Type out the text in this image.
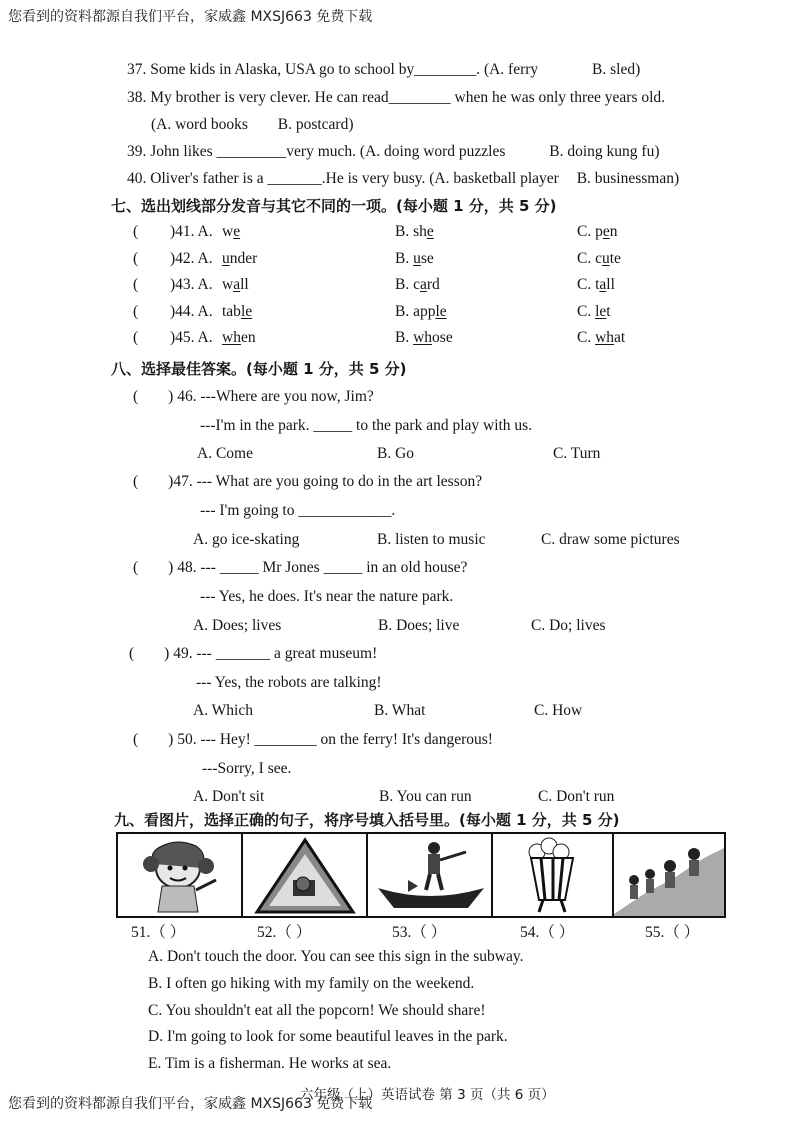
您看到的资料都源自我们平台，家威鑫 MXSJ663 免费下载
37. Some kids in Alaska, USA go to school by________. (A. ferry	B. sled)
38. My brother is very clever. He can read________ when he was only three years old.
(A. word books B. postcard)
39. John likes _________very much. (A. doing word puzzles	B. doing kung fu)
40. Oliver's father is a _______.He is very busy. (A. basketball player B. businessman)
七、选出划线部分发音与其它不同的一项。(每小题 1 分，共 5 分)
( )41. A. we	B. she	C. pen
( )42. A. under	B. use	C. cute
( )43. A. wall	B. card	C. tall
( )44. A. table	B. apple	C. let
( )45. A. when	B. whose	C. what
八、选择最佳答案。(每小题 1 分，共 5 分)
( ) 46. ---Where are you now, Jim?
---I'm in the park. _____ to the park and play with us.
A. Come	B. Go	C. Turn
( )47. --- What are you going to do in the art lesson?
--- I'm going to ____________.
A. go ice-skating	B. listen to music	C. draw some pictures
( ) 48. --- _____ Mr Jones _____ in an old house?
--- Yes, he does. It's near the nature park.
A. Does; lives	B. Does; live	C. Do; lives
( ) 49. --- _______ a great museum!
--- Yes, the robots are talking!
A. Which	B. What	C. How
( ) 50. --- Hey! ________ on the ferry! It's dangerous!
---Sorry, I see.
A. Don't sit	B. You can run	C. Don't run
九、看图片，选择正确的句子，将序号填入括号里。(每小题 1 分，共 5 分)
51.（ ）	52.（ ）	53.（ ）	54.（ ）	55.（ ）
A. Don't touch the door. You can see this sign in the subway.
B. I often go hiking with my family on the weekend.
C. You shouldn't eat all the popcorn! We should share!
D. I'm going to look for some beautiful leaves in the park.
E. Tim is a fisherman. He works at sea.
六年级（上）英语试卷 第 3 页（共 6 页）
您看到的资料都源自我们平台，家威鑫 MXSJ663 免费下载
